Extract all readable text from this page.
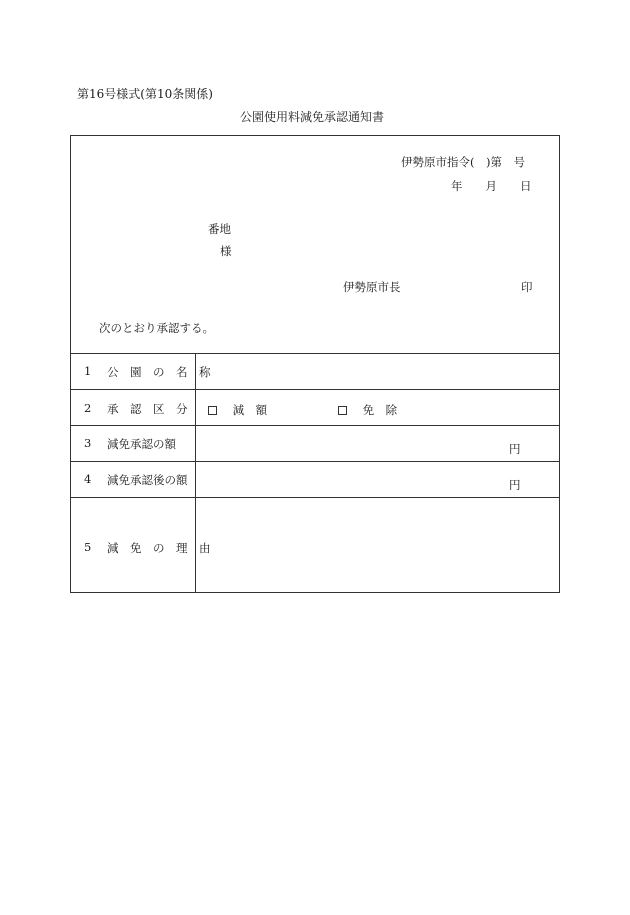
第16号様式(第10条関係)
公園使用料減免承認通知書
伊勢原市指令(　)第　号
年　　月　　日
番地
様
伊勢原市長	印
次のとおり承認する。
1 公　園　の　名　称
2 承　認　区　分	減　額	免　除
3 減免承認の額	円
4 減免承認後の額	円
5 減　免　の　理　由
